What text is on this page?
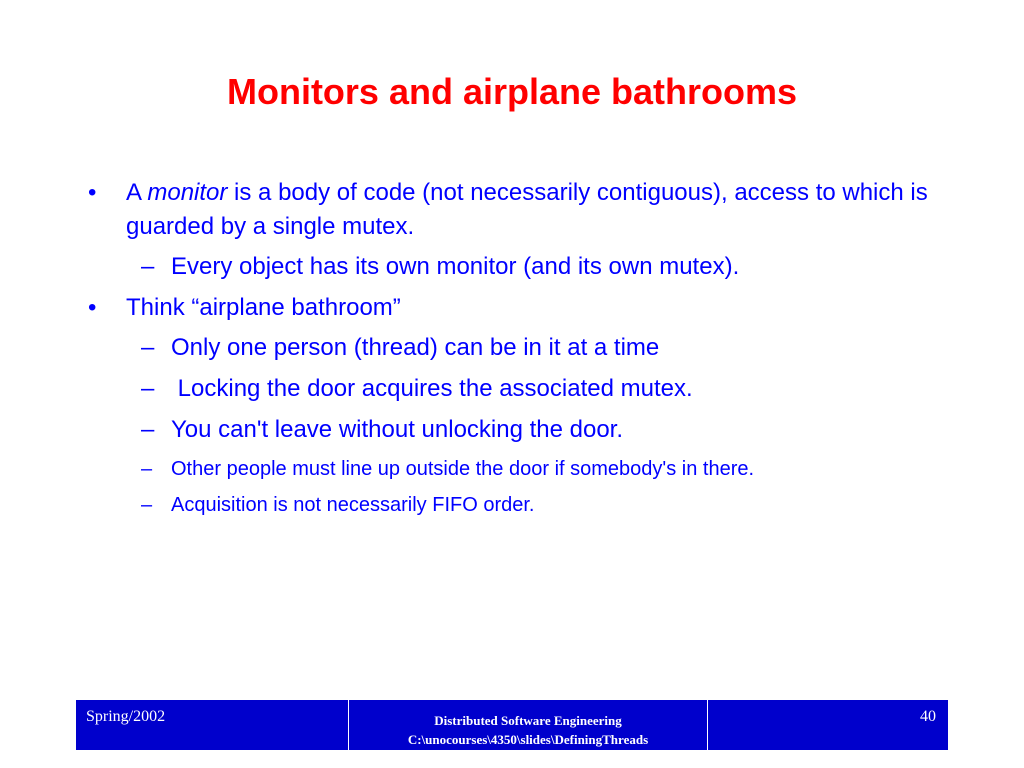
Monitors and airplane bathrooms
• A monitor is a body of code (not necessarily contiguous), access to which is guarded by a single mutex.
– Every object has its own monitor (and its own mutex).
• Think “airplane bathroom”
– Only one person (thread) can be in it at a time
– Locking the door acquires the associated mutex.
– You can't leave without unlocking the door.
– Other people must line up outside the door if somebody's in there.
– Acquisition is not necessarily FIFO order.
Spring/2002	Distributed Software Engineering
C:\unocourses\4350\slides\DefiningThreads
40
